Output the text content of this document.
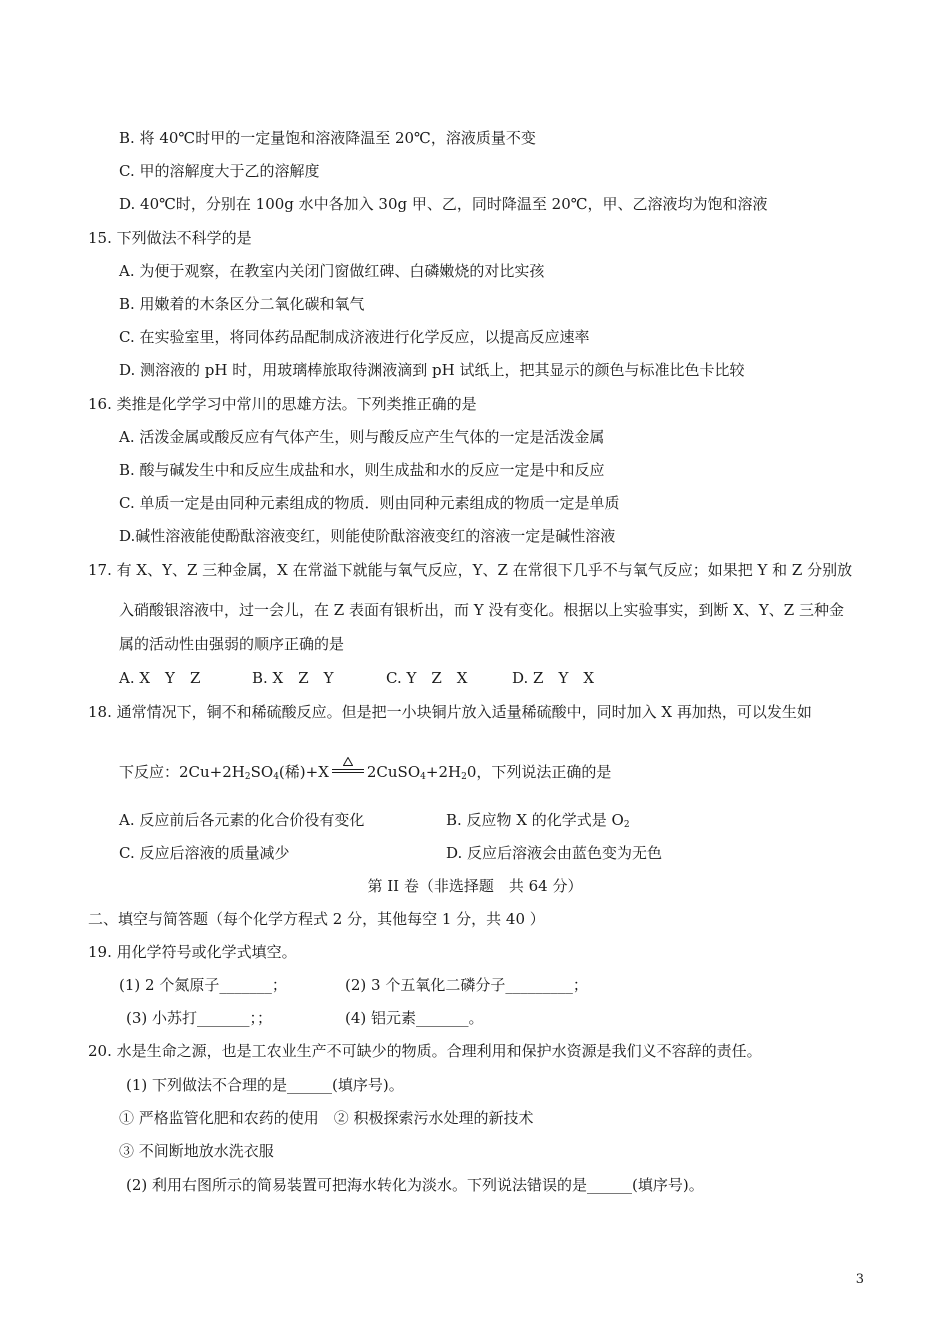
B. 将 40℃时甲的一定量饱和溶液降温至 20℃，溶液质量不变
C. 甲的溶解度大于乙的溶解度
D. 40℃时，分别在 100g 水中各加入 30g 甲、乙，同时降温至 20℃，甲、乙溶液均为饱和溶液
15. 下列做法不科学的是
A. 为便于观察，在教室内关闭门窗做红碑、白磷嫩烧的对比实孩
B. 用嫩着的木条区分二氧化碳和氧气
C. 在实验室里，将同体药品配制成济液进行化学反应，以提高反应速率
D. 测溶液的 pH 时，用玻璃棒旅取待渊液滴到 pH 试纸上，把其显示的颜色与标准比色卡比较
16. 类推是化学学习中常川的思雄方法。下列类推正确的是
A. 活泼金属或酸反应有气体产生，则与酸反应产生气体的一定是活泼金属
B. 酸与碱发生中和反应生成盐和水，则生成盐和水的反应一定是中和反应
C. 单质一定是由同种元素组成的物质．则由同种元素组成的物质一定是单质
D.碱性溶液能使酚酞溶液变红，则能使阶酞溶液变红的溶液一定是碱性溶液
17. 有 X、Y、Z 三种金属，X 在常溢下就能与氧气反应，Y、Z 在常很下几乎不与氧气反应；如果把 Y 和 Z 分别放
入硝酸银溶液中，过一会儿，在 Z 表面有银析出，而 Y 没有变化。根据以上实验事实，到断 X、Y、Z 三种金
属的活动性由强弱的顺序正确的是
A. X　Y　Z	B. X　Z　Y	C. Y　Z　X	D. Z　Y　X
18. 通常情况下，铜不和稀硫酸反应。但是把一小块铜片放入适量稀硫酸中，同时加入 X 再加热，可以发生如
下反应：$2Cu+2H_2SO_4$(稀)+X	$2CuSO_4+2H_20$，下列说法正确的是
A. 反应前后各元素的化合价役有变化	B. 反应物 X 的化学式是 $O_2$
C. 反应后溶液的质量减少	D. 反应后溶液会由蓝色变为无色
第 II 卷（非选择题　共 64 分）
二、填空与简答题（每个化学方程式 2 分，其他每空 1 分，共 40 ）
19. 用化学符号或化学式填空。
(1) 2 个氮原子_______；	(2) 3 个五氧化二磷分子_________；
(3) 小苏打_______；；	(4) 铝元素_______。
20. 水是生命之源，也是工农业生产不可缺少的物质。合理利用和保护水资源是我们义不容辞的责任。
(1) 下列做法不合理的是______(填序号)。
① 严格监管化肥和农药的使用　② 积极探索污水处理的新技术
③ 不间断地放水洗衣服
(2) 利用右图所示的简易装置可把海水转化为淡水。下列说法错误的是______(填序号)。
3
